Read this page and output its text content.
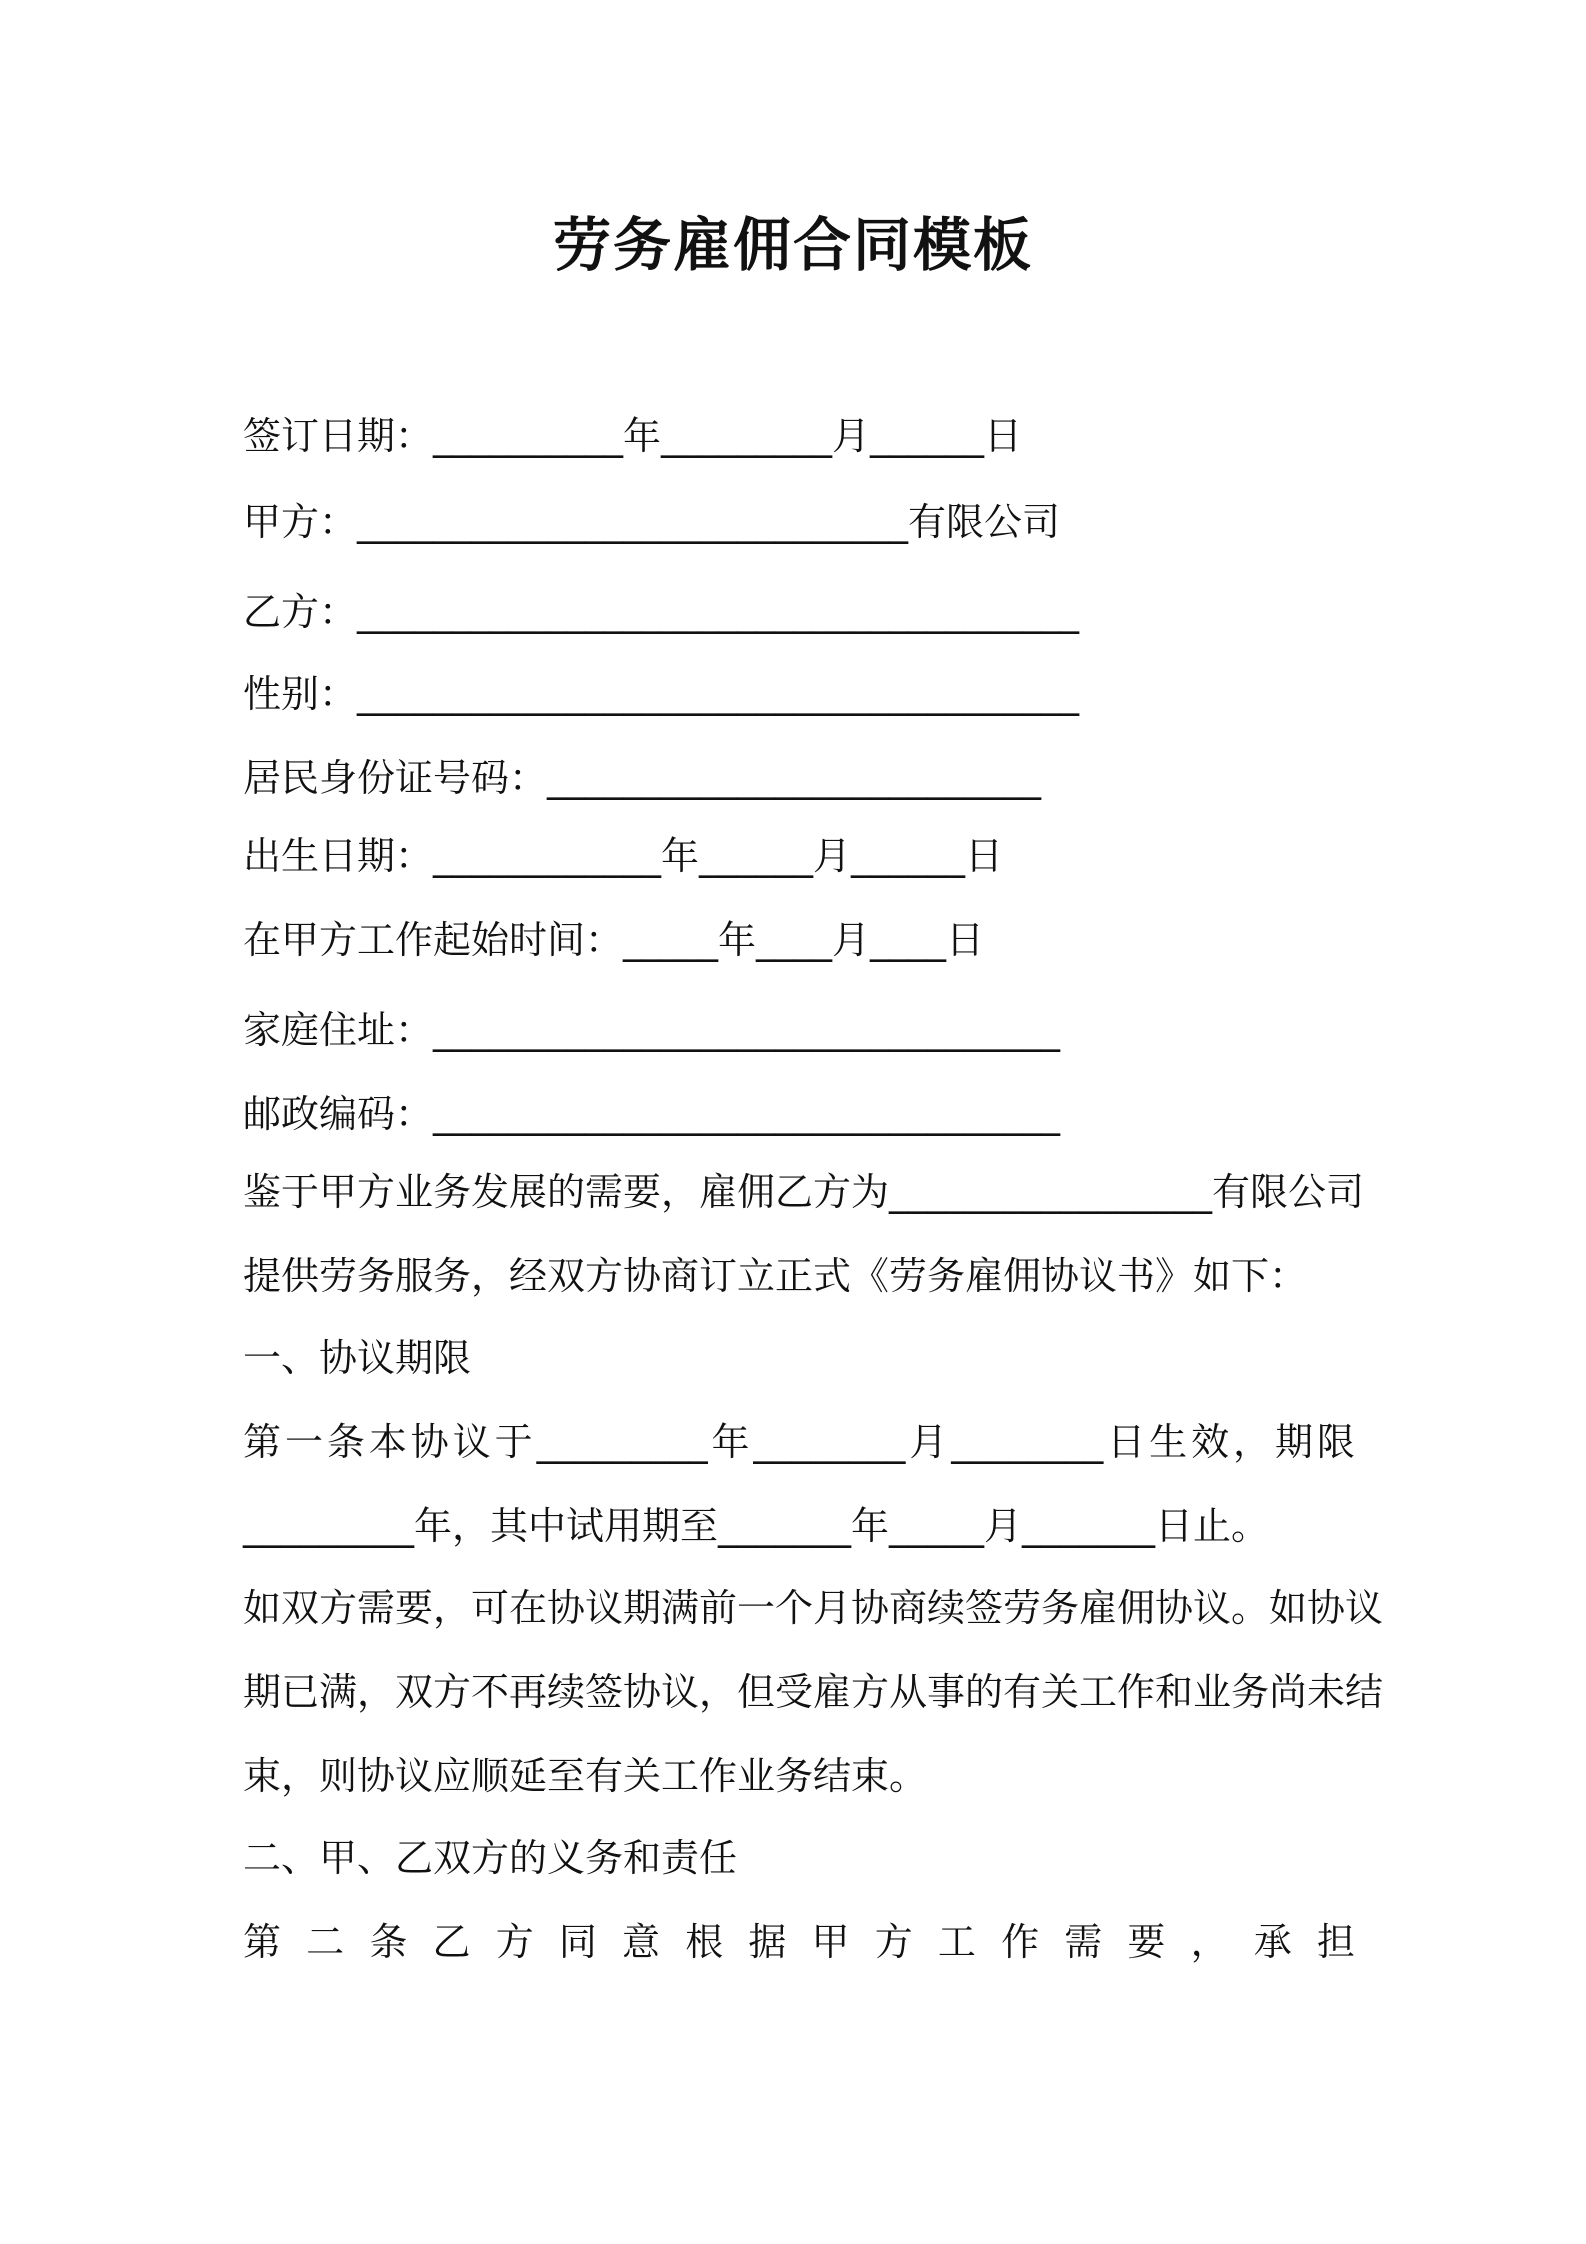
劳务雇佣合同模板
签订日期：__________年_________月______日
甲方：_____________________________有限公司
乙方：______________________________________
性别：______________________________________
居民身份证号码：__________________________
出生日期：____________年______月______日
在甲方工作起始时间：_____年____月____日
家庭住址：_________________________________
邮政编码：_________________________________
鉴于甲方业务发展的需要，雇佣乙方为_________________有限公司
提供劳务服务，经双方协商订立正式《劳务雇佣协议书》如下：
一、协议期限
第 一 条 本 协 议 于 _________ 年 ________ 月 ________ 日 生 效 ， 期 限
_________年，其中试用期至_______年_____月_______日止。
如双方需要，可在协议期满前一个月协商续签劳务雇佣协议。如协议
期已满，双方不再续签协议，但受雇方从事的有关工作和业务尚未结
束，则协议应顺延至有关工作业务结束。
二、甲、乙双方的义务和责任
第 二 条 乙 方 同 意 根 据 甲 方 工 作 需 要 ， 承 担
